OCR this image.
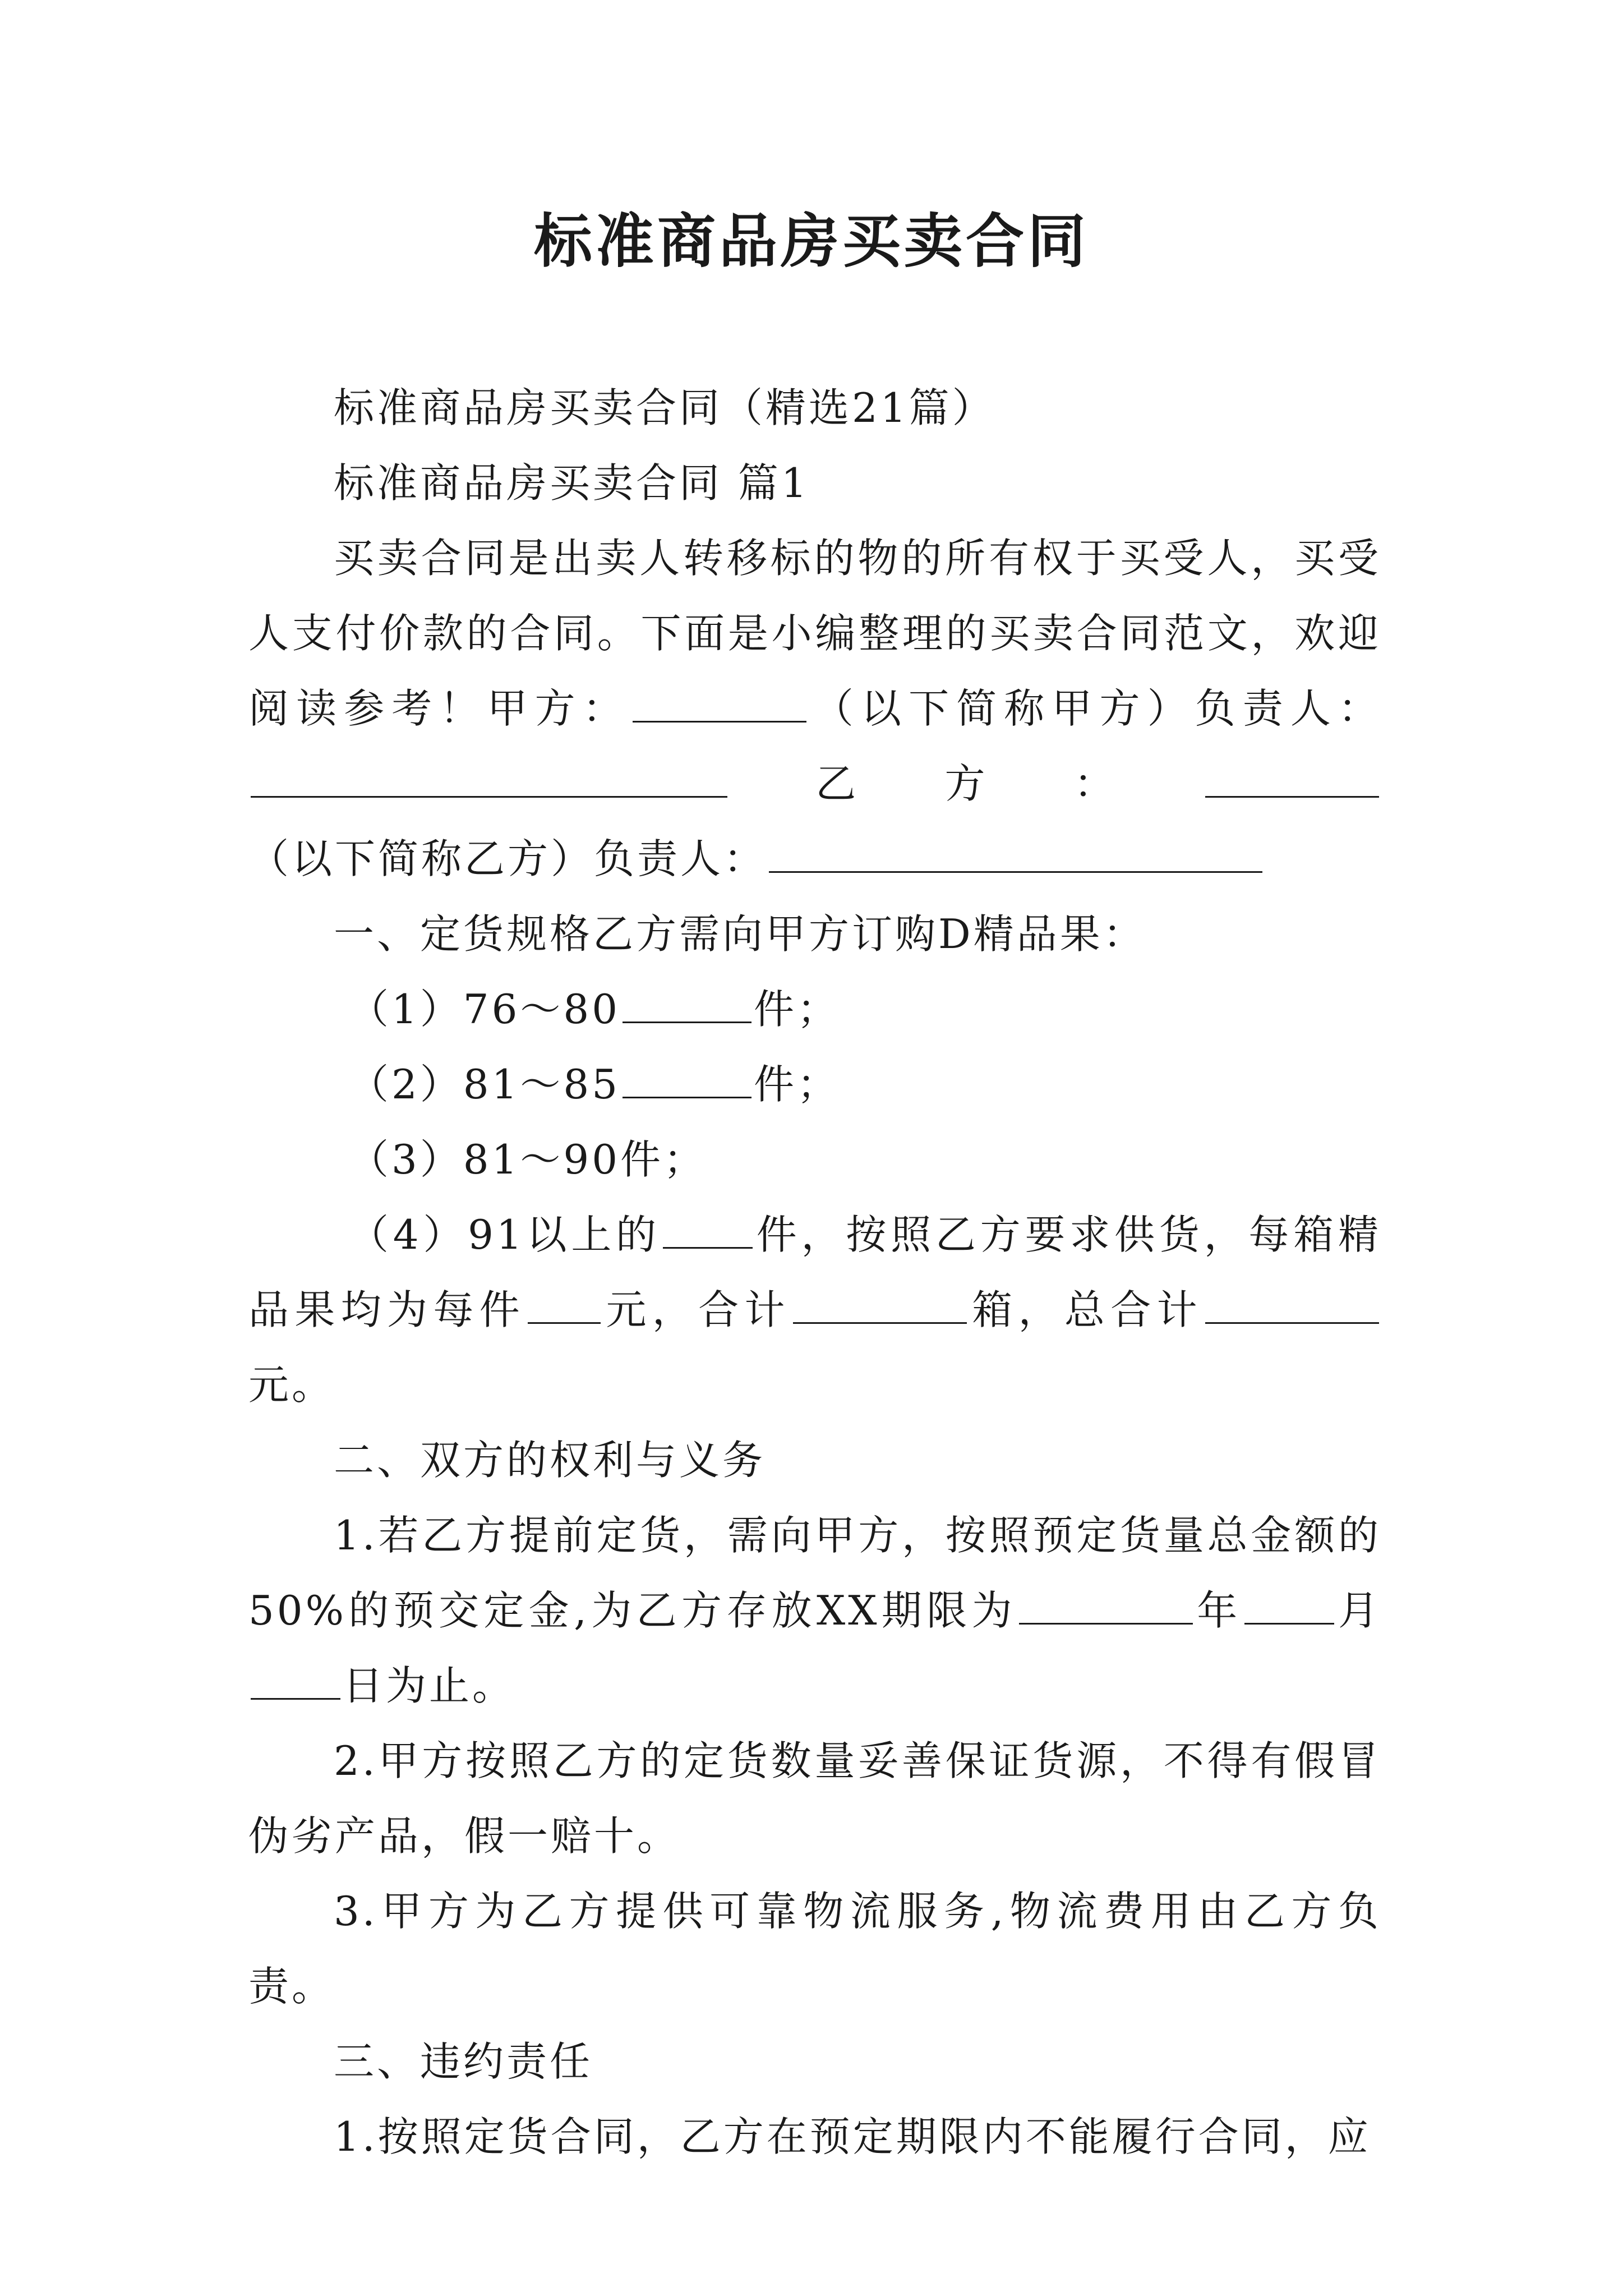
标准商品房买卖合同

标准商品房买卖合同（精选21篇）

标准商品房买卖合同 篇1

买卖合同是出卖人转移标的物的所有权于买受人，买受人支付价款的合同。下面是小编整理的买卖合同范文，欢迎阅读参考！甲方：	（以下简称甲方）负责人：乙方：（以下简称乙方）负责人：

一、定货规格乙方需向甲方订购D精品果：

（1）76～80	件；

（2）81～85	件；

（3）81～90件；

（4）91以上的 件，按照乙方要求供货，每箱精品果均为每件 元，合计	箱，总合计元。

二、双方的权利与义务

1.若乙方提前定货，需向甲方，按照预定货量总金额的50%的预交定金,为乙方存放XX期限为	年 月日为止。

2.甲方按照乙方的定货数量妥善保证货源，不得有假冒伪劣产品，假一赔十。

3.甲方为乙方提供可靠物流服务,物流费用由乙方负责。

三、违约责任

1.按照定货合同，乙方在预定期限内不能履行合同，应
